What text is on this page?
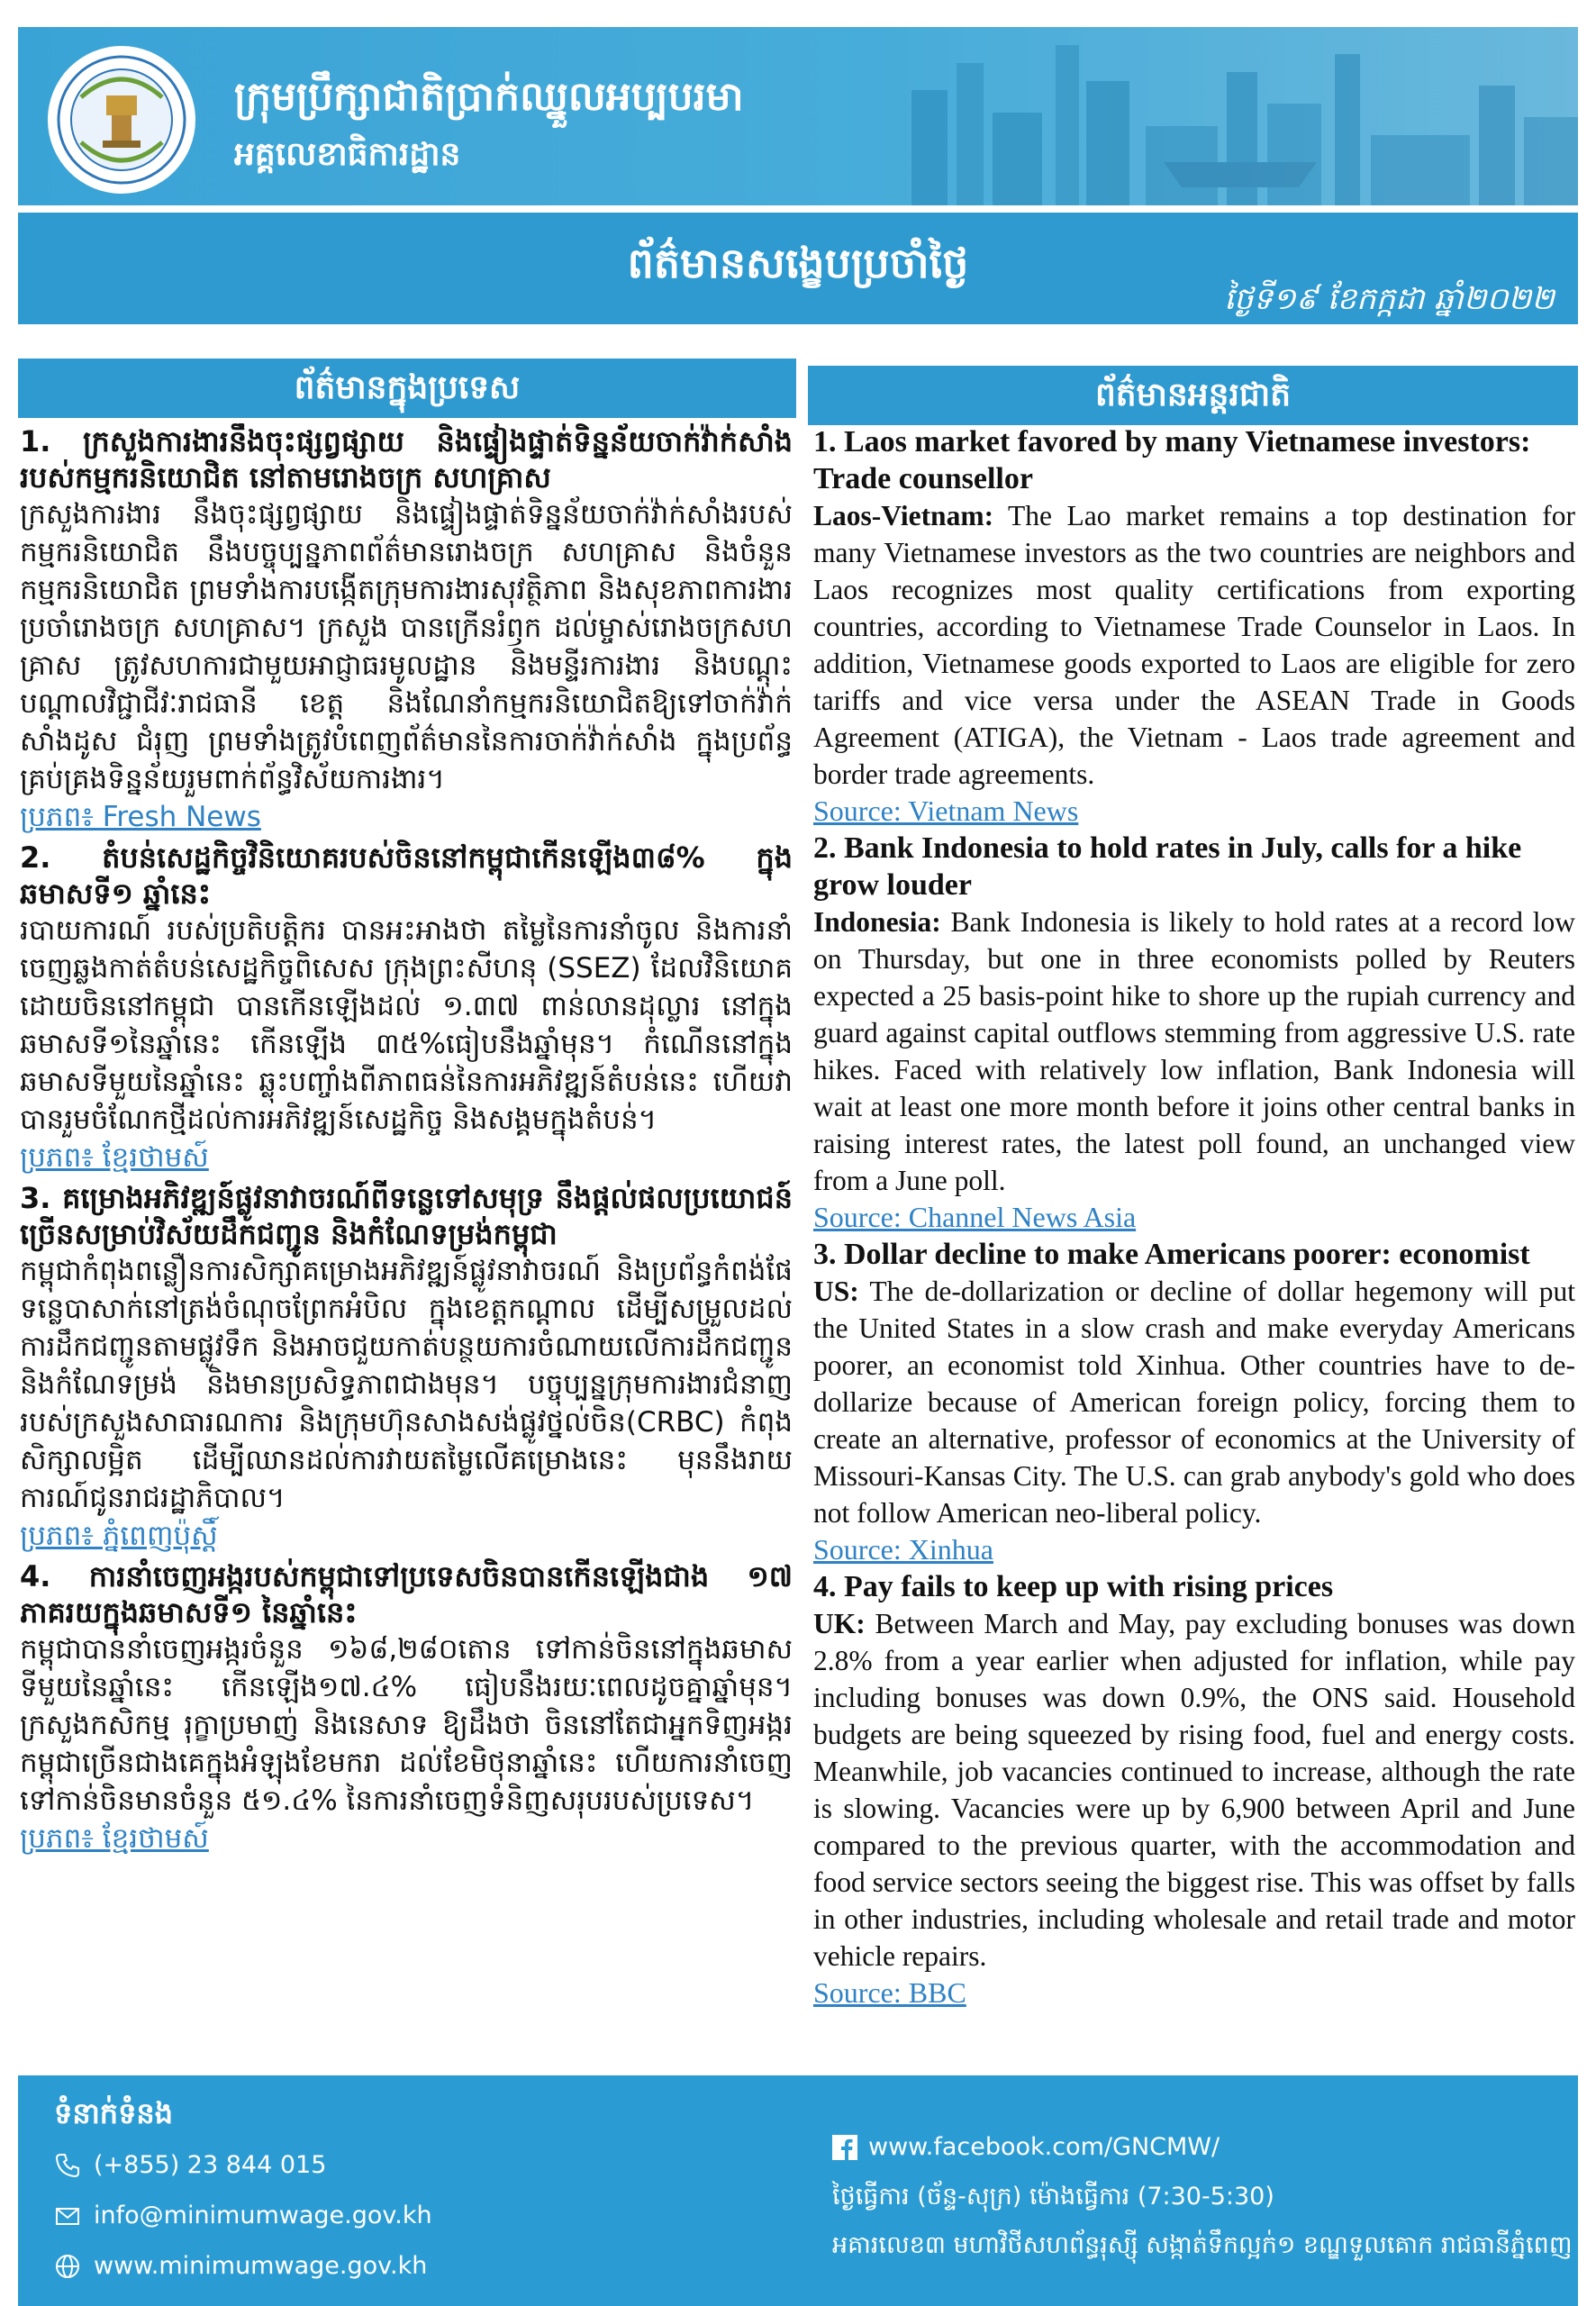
ក្រុមប្រឹក្សាជាតិប្រាក់ឈ្នួលអប្បបរមា
អគ្គលេខាធិការដ្ឋាន
ព័ត៌មានសង្ខេបប្រចាំថ្ងៃ
ថ្ងៃទី១៩ ខែកក្កដា ឆ្នាំ២០២២
ព័ត៌មានក្នុងប្រទេស

1. ក្រសួងការងារនឹងចុះផ្សព្វផ្សាយ និងផ្ទៀងផ្ទាត់ទិន្នន័យចាក់វ៉ាក់សាំងរបស់កម្មករនិយោជិត នៅតាមរោងចក្រ សហគ្រាស

ក្រសួងការងារ នឹងចុះផ្សព្វផ្សាយ និងផ្ទៀងផ្ទាត់ទិន្នន័យចាក់វ៉ាក់សាំងរបស់កម្មករនិយោជិត នឹងបច្ចុប្បន្នភាពព័ត៌មានរោងចក្រ សហគ្រាស និងចំនួនកម្មករនិយោជិត ព្រមទាំងការបង្កើតក្រុមការងារសុវត្ថិភាព និងសុខភាពការងារប្រចាំរោងចក្រ សហគ្រាស។ ក្រសួង បានក្រើនរំឭក ដល់ម្ចាស់រោងចក្រសហគ្រាស ត្រូវសហការជាមួយអាជ្ញាធរមូលដ្ឋាន និងមន្ទីរការងារ និងបណ្ដុះបណ្ដាលវិជ្ជាជីវៈរាជធានី ខេត្ត និងណែនាំកម្មករនិយោជិតឱ្យទៅចាក់វ៉ាក់សាំងដូស ជំរុញ ព្រមទាំងត្រូវបំពេញព័ត៌មាននៃការចាក់វ៉ាក់សាំង ក្នុងប្រព័ន្ធគ្រប់គ្រងទិន្នន័យរួមពាក់ព័ន្ធវិស័យការងារ។

ប្រភព៖ Fresh News

2. តំបន់សេដ្ឋកិច្ចវិនិយោគរបស់ចិននៅកម្ពុជាកើនឡើង៣៨% ក្នុងឆមាសទី១ ឆ្នាំនេះ

របាយការណ៍ របស់ប្រតិបត្តិករ បានអះអាងថា តម្លៃនៃការនាំចូល និងការនាំចេញឆ្លងកាត់តំបន់សេដ្ឋកិច្ចពិសេស ក្រុងព្រះសីហនុ (SSEZ) ដែលវិនិយោគដោយចិននៅកម្ពុជា បានកើនឡើងដល់ ១.៣៧ ពាន់លានដុល្លារ នៅក្នុងឆមាសទី១នៃឆ្នាំនេះ កើនឡើង ៣៥%ធៀបនឹងឆ្នាំមុន។ កំណើននៅក្នុងឆមាសទីមួយនៃឆ្នាំនេះ ឆ្លុះបញ្ចាំងពីភាពធន់នៃការអភិវឌ្ឍន៍តំបន់នេះ ហើយវាបានរួមចំណែកថ្មីដល់ការអភិវឌ្ឍន៍សេដ្ឋកិច្ច និងសង្គមក្នុងតំបន់។

ប្រភព៖ ខ្មែរថាមស៍

3. គម្រោងអភិវឌ្ឍន៍ផ្លូវនាវាចរណ៍ពីទន្លេទៅសមុទ្រ នឹងផ្ដល់ផលប្រយោជន៍ច្រើនសម្រាប់វិស័យដឹកជញ្ជូន និងកំណែទម្រង់កម្ពុជា

កម្ពុជាកំពុងពន្លឿនការសិក្សាគម្រោងអភិវឌ្ឍន៍ផ្លូវនាវាចរណ៍ និងប្រព័ន្ធកំពង់ផែទន្លេបាសាក់នៅត្រង់ចំណុចព្រែកអំបិល ក្នុងខេត្តកណ្ដាល ដើម្បីសម្រួលដល់ការដឹកជញ្ជូនតាមផ្លូវទឹក និងអាចជួយកាត់បន្ថយការចំណាយលើការដឹកជញ្ជូន និងកំណែទម្រង់ និងមានប្រសិទ្ធភាពជាងមុន។ បច្ចុប្បន្នក្រុមការងារជំនាញរបស់ក្រសួងសាធារណការ និងក្រុមហ៊ុនសាងសង់ផ្លូវថ្នល់ចិន(CRBC) កំពុងសិក្សាលម្អិត ដើម្បីឈានដល់ការវាយតម្លៃលើគម្រោងនេះ មុននឹងរាយការណ៍ជូនរាជរដ្ឋាភិបាល។

ប្រភព៖ ភ្នំពេញប៉ុស្តិ៍

4. ការនាំចេញអង្ករបស់កម្ពុជាទៅប្រទេសចិនបានកើនឡើងជាង ១៧ ភាគរយក្នុងឆមាសទី១ នៃឆ្នាំនេះ

កម្ពុជាបាននាំចេញអង្ករចំនួន ១៦៨,២៨០តោន ទៅកាន់ចិននៅក្នុងឆមាសទីមួយនៃឆ្នាំនេះ កើនឡើង១៧.៤% ធៀបនឹងរយៈពេលដូចគ្នាឆ្នាំមុន។ ក្រសួងកសិកម្ម រុក្ខាប្រមាញ់ និងនេសាទ ឱ្យដឹងថា ចិននៅតែជាអ្នកទិញអង្ករកម្ពុជាច្រើនជាងគេក្នុងអំឡុងខែមករា ដល់ខែមិថុនាឆ្នាំនេះ ហើយការនាំចេញទៅកាន់ចិនមានចំនួន ៥១.៤% នៃការនាំចេញទំនិញសរុបរបស់ប្រទេស។

ប្រភព៖ ខ្មែរថាមស៍

ព័ត៌មានអន្តរជាតិ

1. Laos market favored by many Vietnamese investors: Trade counsellor

Laos-Vietnam: The Lao market remains a top destination for many Vietnamese investors as the two countries are neighbors and Laos recognizes most quality certifications from exporting countries, according to Vietnamese Trade Counselor in Laos. In addition, Vietnamese goods exported to Laos are eligible for zero tariffs and vice versa under the ASEAN Trade in Goods Agreement (ATIGA), the Vietnam - Laos trade agreement and border trade agreements.

Source: Vietnam News

2. Bank Indonesia to hold rates in July, calls for a hike grow louder

Indonesia: Bank Indonesia is likely to hold rates at a record low on Thursday, but one in three economists polled by Reuters expected a 25 basis-point hike to shore up the rupiah currency and guard against capital outflows stemming from aggressive U.S. rate hikes. Faced with relatively low inflation, Bank Indonesia will wait at least one more month before it joins other central banks in raising interest rates, the latest poll found, an unchanged view from a June poll.

Source: Channel News Asia

3. Dollar decline to make Americans poorer: economist

US: The de-dollarization or decline of dollar hegemony will put the United States in a slow crash and make everyday Americans poorer, an economist told Xinhua. Other countries have to de-dollarize because of American foreign policy, forcing them to create an alternative, professor of economics at the University of Missouri-Kansas City. The U.S. can grab anybody's gold who does not follow American neo-liberal policy.

Source: Xinhua

4. Pay fails to keep up with rising prices

UK: Between March and May, pay excluding bonuses was down 2.8% from a year earlier when adjusted for inflation, while pay including bonuses was down 0.9%, the ONS said. Household budgets are being squeezed by rising food, fuel and energy costs. Meanwhile, job vacancies continued to increase, although the rate is slowing. Vacancies were up by 6,900 between April and June compared to the previous quarter, with the accommodation and food service sectors seeing the biggest rise. This was offset by falls in other industries, including wholesale and retail trade and motor vehicle repairs.

Source: BBC

ទំនាក់ទំនង
(+855) 23 844 015
info@minimumwage.gov.kh
www.minimumwage.gov.kh
www.facebook.com/GNCMW/
ថ្ងៃធ្វើការ (ច័ន្ទ-សុក្រ) ម៉ោងធ្វើការ (7:30-5:30)
អគារលេខ៣ មហាវិថីសហព័ន្ធរុស្ស៊ី សង្កាត់ទឹកល្អក់១ ខណ្ឌទួលគោក រាជធានីភ្នំពេញ
